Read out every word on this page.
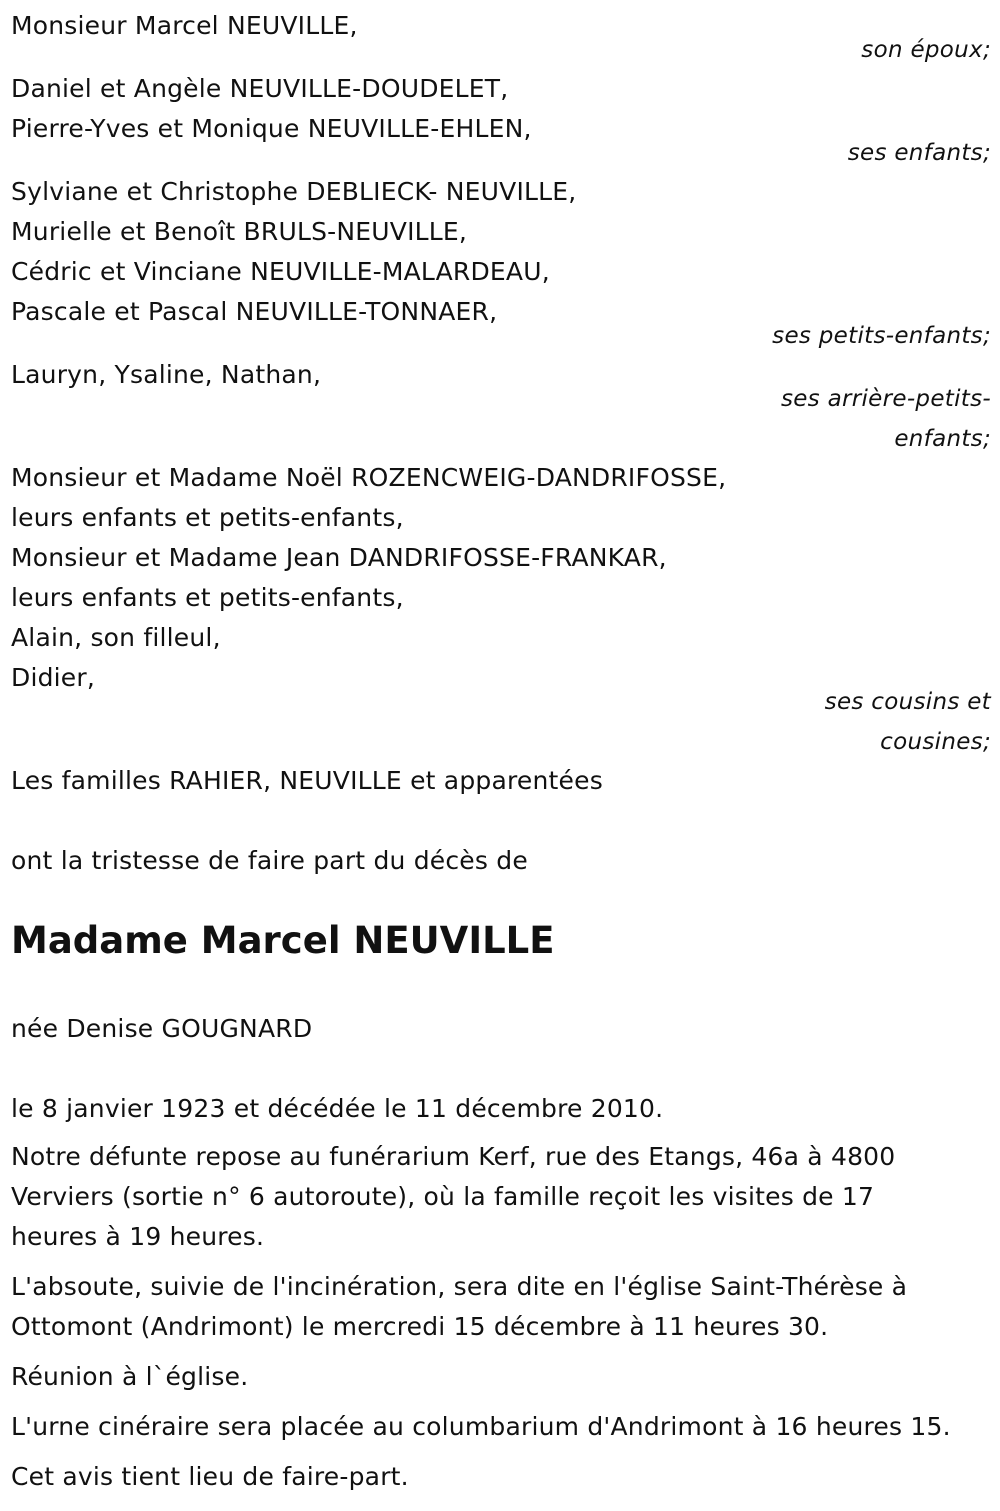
Monsieur Marcel NEUVILLE,
son époux;
Daniel et Angèle NEUVILLE-DOUDELET,
Pierre-Yves et Monique NEUVILLE-EHLEN,
ses enfants;
Sylviane et Christophe DEBLIECK- NEUVILLE,
Murielle et Benoît BRULS-NEUVILLE,
Cédric et Vinciane NEUVILLE-MALARDEAU,
Pascale et Pascal NEUVILLE-TONNAER,
ses petits-enfants;
Lauryn, Ysaline, Nathan,
ses arrière-petits-
enfants;
Monsieur et Madame Noël ROZENCWEIG-DANDRIFOSSE,
leurs enfants et petits-enfants,
Monsieur et Madame Jean DANDRIFOSSE-FRANKAR,
leurs enfants et petits-enfants,
Alain, son filleul,
Didier,
ses cousins et
cousines;
Les familles RAHIER, NEUVILLE et apparentées
ont la tristesse de faire part du décès de
Madame Marcel NEUVILLE
née Denise GOUGNARD
le 8 janvier 1923 et décédée le 11 décembre 2010.
Notre défunte repose au funérarium Kerf, rue des Etangs, 46a à 4800
Verviers (sortie n° 6 autoroute), où la famille reçoit les visites de 17
heures à 19 heures.
L'absoute, suivie de l'incinération, sera dite en l'église Saint-Thérèse à
Ottomont (Andrimont) le mercredi 15 décembre à 11 heures 30.
Réunion à l`église.
L'urne cinéraire sera placée au columbarium d'Andrimont à 16 heures 15.
Cet avis tient lieu de faire-part.
